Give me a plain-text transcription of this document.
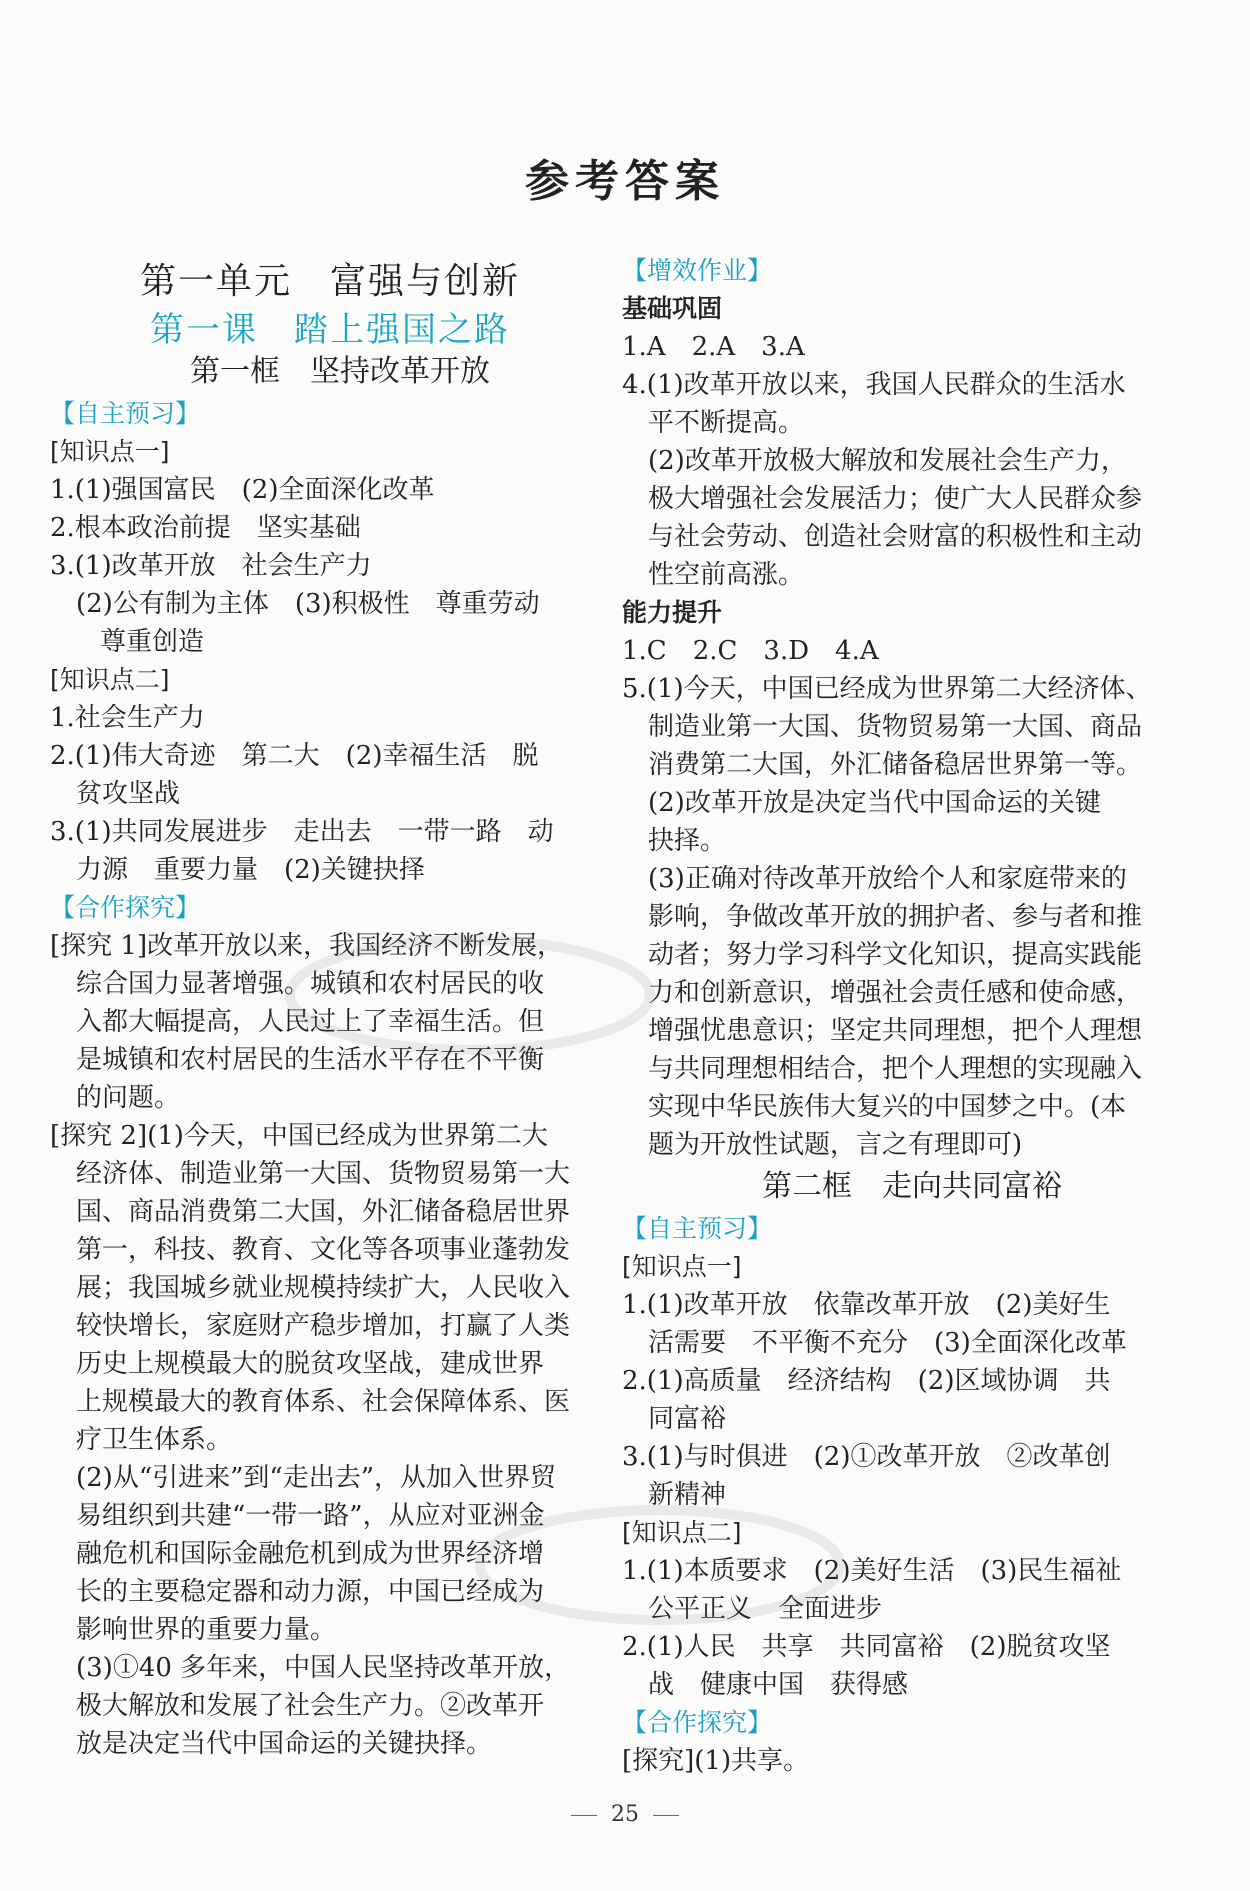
参考答案
第一单元　富强与创新
第一课　踏上强国之路
第一框　坚持改革开放
【自主预习】
[知识点一]
1.(1)强国富民　(2)全面深化改革
2.根本政治前提　坚实基础
3.(1)改革开放　社会生产力
(2)公有制为主体　(3)积极性　尊重劳动
尊重创造
[知识点二]
1.社会生产力
2.(1)伟大奇迹　第二大　(2)幸福生活　脱
贫攻坚战
3.(1)共同发展进步　走出去　一带一路　动
力源　重要力量　(2)关键抉择
【合作探究】
[探究 1]改革开放以来，我国经济不断发展，
综合国力显著增强。城镇和农村居民的收
入都大幅提高，人民过上了幸福生活。但
是城镇和农村居民的生活水平存在不平衡
的问题。
[探究 2](1)今天，中国已经成为世界第二大
经济体、制造业第一大国、货物贸易第一大
国、商品消费第二大国，外汇储备稳居世界
第一，科技、教育、文化等各项事业蓬勃发
展；我国城乡就业规模持续扩大，人民收入
较快增长，家庭财产稳步增加，打赢了人类
历史上规模最大的脱贫攻坚战，建成世界
上规模最大的教育体系、社会保障体系、医
疗卫生体系。
(2)从“引进来”到“走出去”，从加入世界贸
易组织到共建“一带一路”，从应对亚洲金
融危机和国际金融危机到成为世界经济增
长的主要稳定器和动力源，中国已经成为
影响世界的重要力量。
(3)①40 多年来，中国人民坚持改革开放，
极大解放和发展了社会生产力。②改革开
放是决定当代中国命运的关键抉择。
【增效作业】
基础巩固
1.A　2.A　3.A
4.(1)改革开放以来，我国人民群众的生活水
平不断提高。
(2)改革开放极大解放和发展社会生产力，
极大增强社会发展活力；使广大人民群众参
与社会劳动、创造社会财富的积极性和主动
性空前高涨。
能力提升
1.C　2.C　3.D　4.A
5.(1)今天，中国已经成为世界第二大经济体、
制造业第一大国、货物贸易第一大国、商品
消费第二大国，外汇储备稳居世界第一等。
(2)改革开放是决定当代中国命运的关键
抉择。
(3)正确对待改革开放给个人和家庭带来的
影响，争做改革开放的拥护者、参与者和推
动者；努力学习科学文化知识，提高实践能
力和创新意识，增强社会责任感和使命感，
增强忧患意识；坚定共同理想，把个人理想
与共同理想相结合，把个人理想的实现融入
实现中华民族伟大复兴的中国梦之中。(本
题为开放性试题，言之有理即可)
第二框　走向共同富裕
【自主预习】
[知识点一]
1.(1)改革开放　依靠改革开放　(2)美好生
活需要　不平衡不充分　(3)全面深化改革
2.(1)高质量　经济结构　(2)区域协调　共
同富裕
3.(1)与时俱进　(2)①改革开放　②改革创
新精神
[知识点二]
1.(1)本质要求　(2)美好生活　(3)民生福祉
公平正义　全面进步
2.(1)人民　共享　共同富裕　(2)脱贫攻坚
战　健康中国　获得感
【合作探究】
[探究](1)共享。
25
